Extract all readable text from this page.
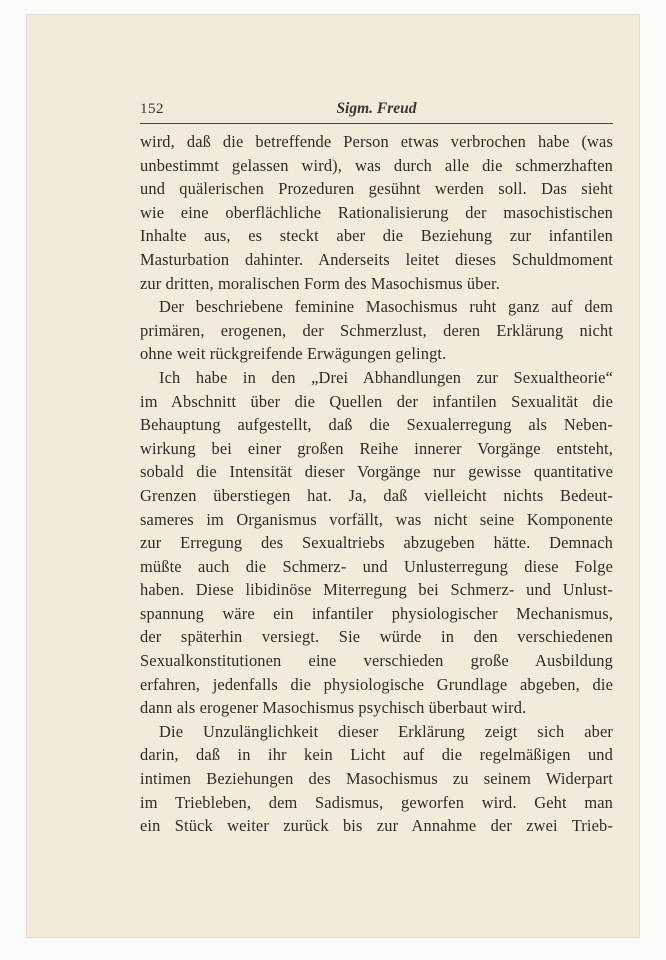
152	Sigm. Freud
wird, daß die betreffende Person etwas verbrochen habe (was
unbestimmt gelassen wird), was durch alle die schmerzhaften
und quälerischen Prozeduren gesühnt werden soll. Das sieht
wie eine oberflächliche Rationalisierung der masochistischen
Inhalte aus, es steckt aber die Beziehung zur infantilen
Masturbation dahinter. Anderseits leitet dieses Schuldmoment
zur dritten, moralischen Form des Masochismus über.
Der beschriebene feminine Masochismus ruht ganz auf dem
primären, erogenen, der Schmerzlust, deren Erklärung nicht
ohne weit rückgreifende Erwägungen gelingt.
Ich habe in den „Drei Abhandlungen zur Sexualtheorie“
im Abschnitt über die Quellen der infantilen Sexualität die
Behauptung aufgestellt, daß die Sexualerregung als Neben-
wirkung bei einer großen Reihe innerer Vorgänge entsteht,
sobald die Intensität dieser Vorgänge nur gewisse quantitative
Grenzen überstiegen hat. Ja, daß vielleicht nichts Bedeut-
sameres im Organismus vorfällt, was nicht seine Komponente
zur Erregung des Sexualtriebs abzugeben hätte. Demnach
müßte auch die Schmerz- und Unlusterregung diese Folge
haben. Diese libidinöse Miterregung bei Schmerz- und Unlust-
spannung wäre ein infantiler physiologischer Mechanismus,
der späterhin versiegt. Sie würde in den verschiedenen
Sexualkonstitutionen eine verschieden große Ausbildung
erfahren, jedenfalls die physiologische Grundlage abgeben, die
dann als erogener Masochismus psychisch überbaut wird.
Die Unzulänglichkeit dieser Erklärung zeigt sich aber
darin, daß in ihr kein Licht auf die regelmäßigen und
intimen Beziehungen des Masochismus zu seinem Widerpart
im Triebleben, dem Sadismus, geworfen wird. Geht man
ein Stück weiter zurück bis zur Annahme der zwei Trieb-
